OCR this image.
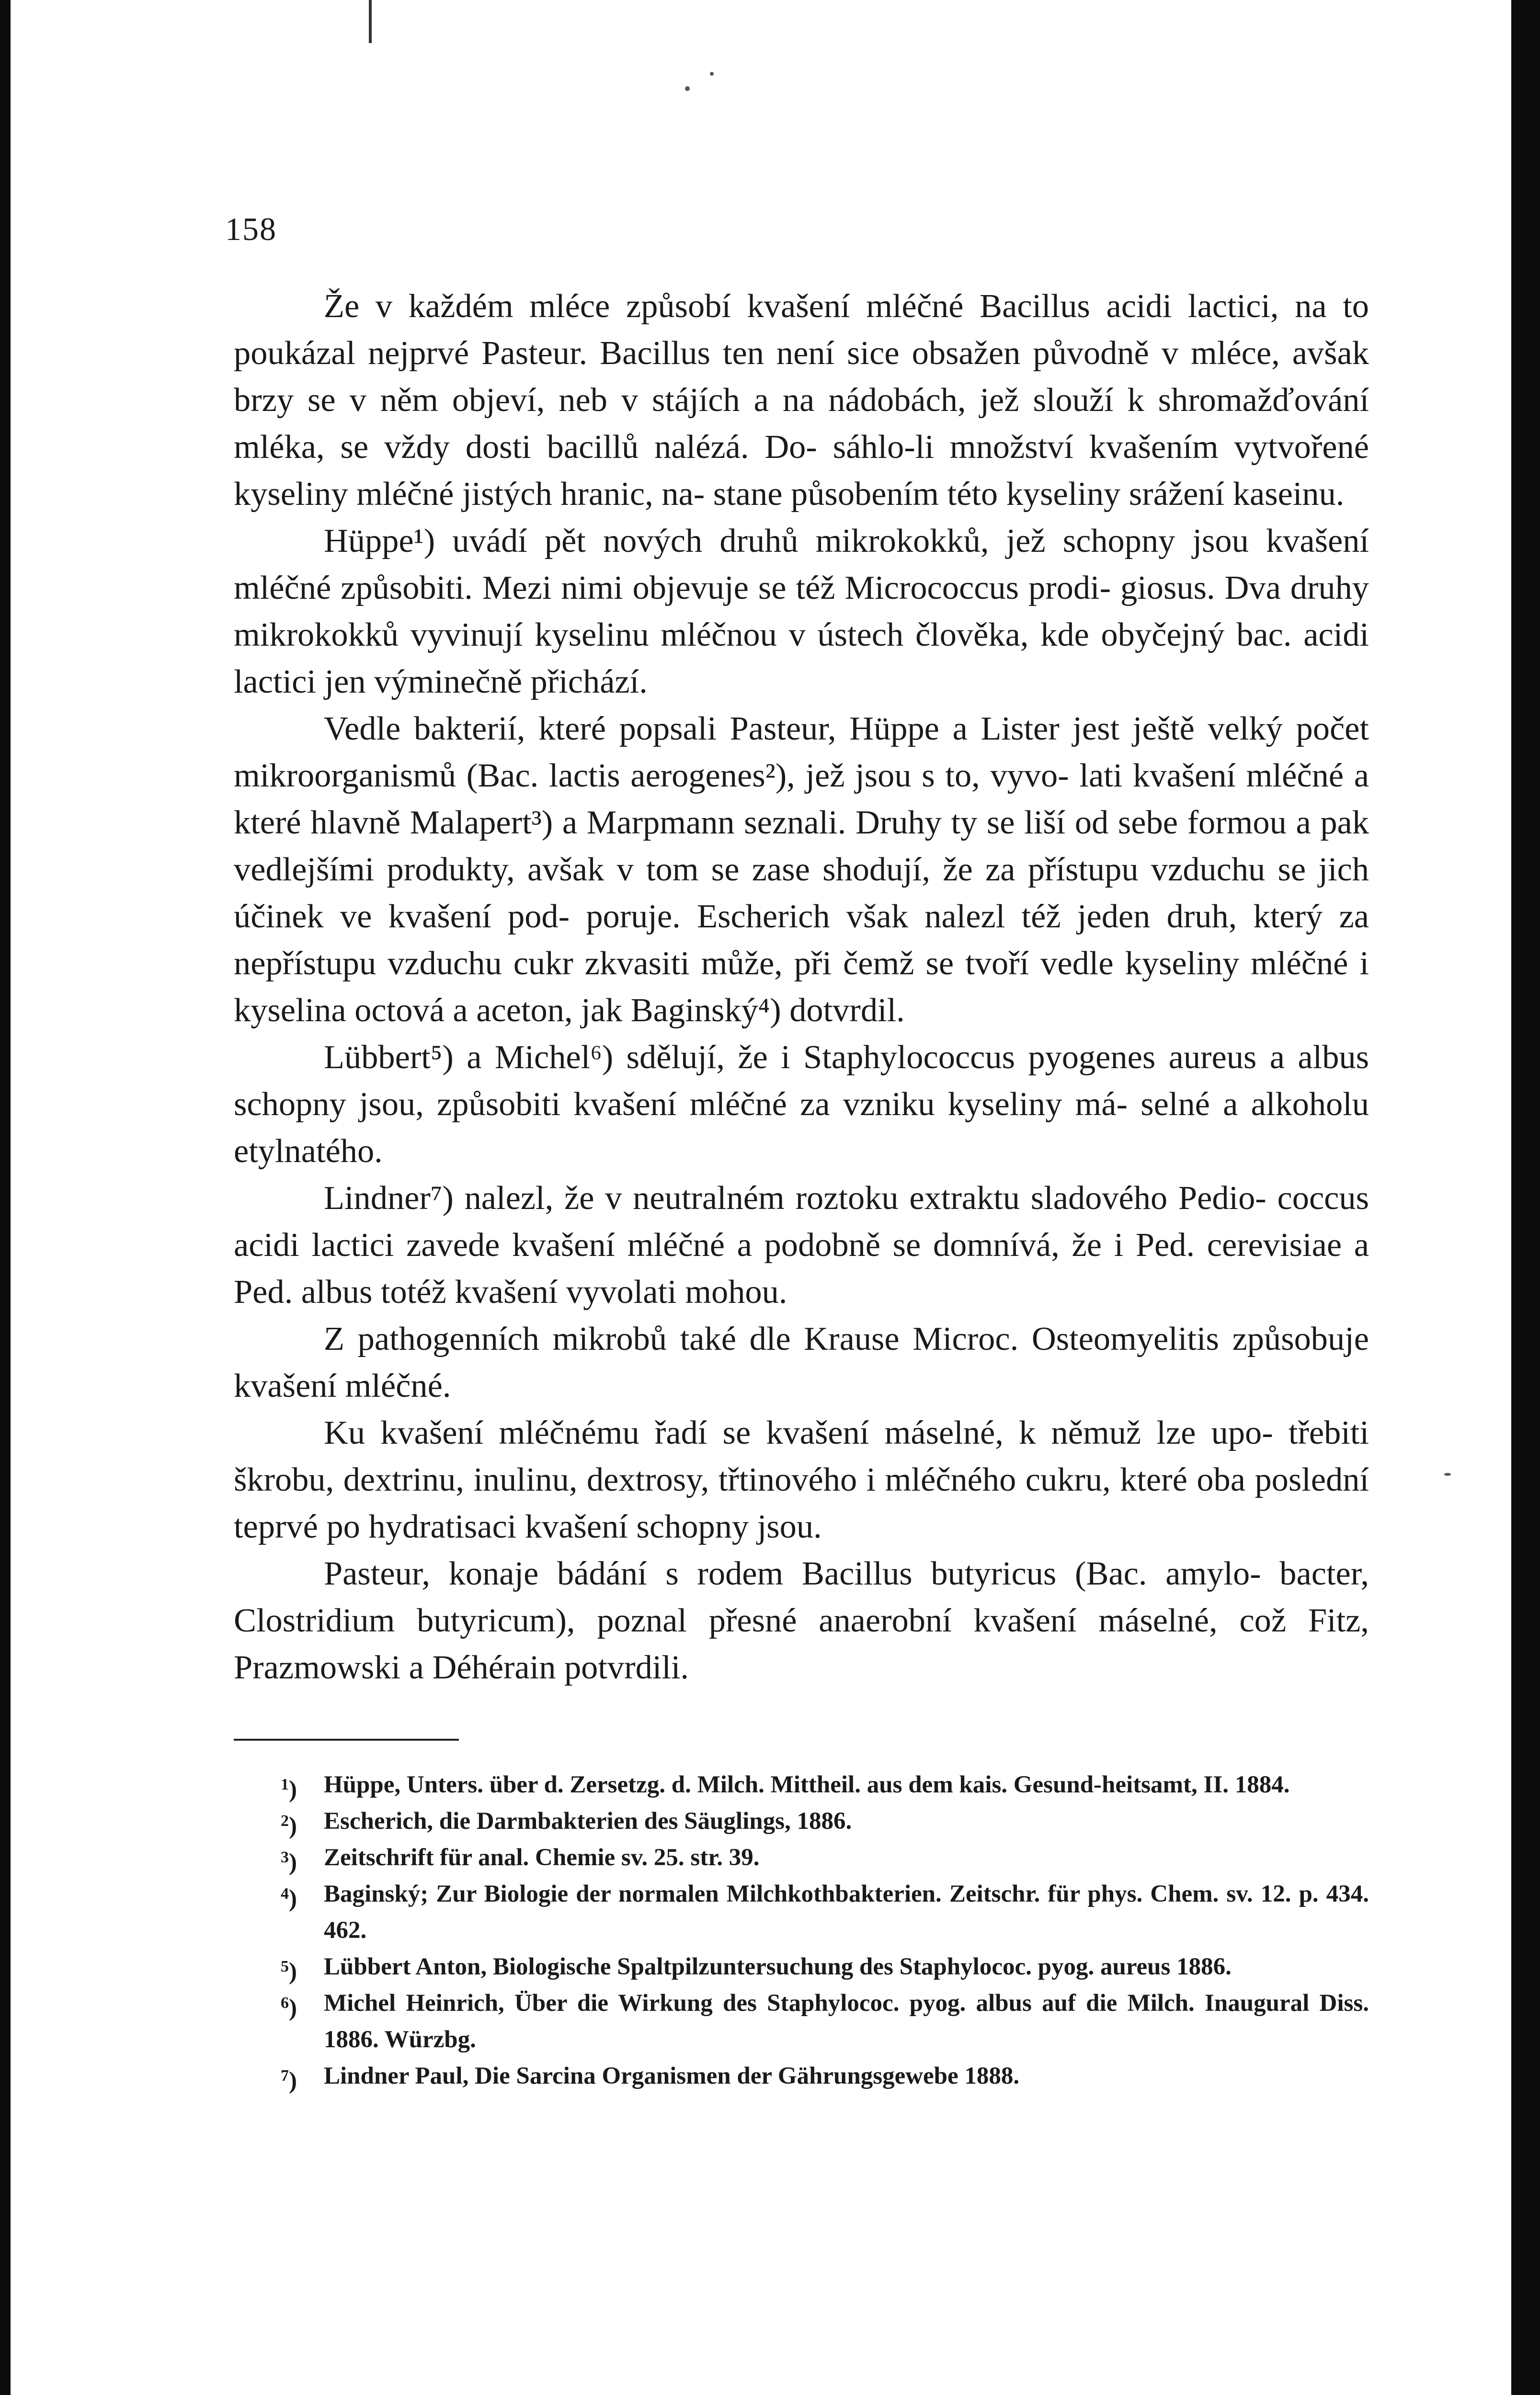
158

Že v každém mléce způsobí kvašení mléčné Bacillus acidi lactici, na to poukázal nejprvé Pasteur. Bacillus ten není sice obsažen původně v mléce, avšak brzy se v něm objeví, neb v stájích a na nádobách, jež slouží k shromažďování mléka, se vždy dosti bacillů nalézá. Do- sáhlo-li množství kvašením vytvořené kyseliny mléčné jistých hranic, na- stane působením této kyseliny srážení kaseinu.

Hüppe¹) uvádí pět nových druhů mikrokokků, jež schopny jsou kvašení mléčné způsobiti. Mezi nimi objevuje se též Micrococcus prodi- giosus. Dva druhy mikrokokků vyvinují kyselinu mléčnou v ústech člověka, kde obyčejný bac. acidi lactici jen výminečně přichází.

Vedle bakterií, které popsali Pasteur, Hüppe a Lister jest ještě velký počet mikroorganismů (Bac. lactis aerogenes²), jež jsou s to, vyvo- lati kvašení mléčné a které hlavně Malapert³) a Marpmann seznali. Druhy ty se liší od sebe formou a pak vedlejšími produkty, avšak v tom se zase shodují, že za přístupu vzduchu se jich účinek ve kvašení pod- poruje. Escherich však nalezl též jeden druh, který za nepřístupu vzduchu cukr zkvasiti může, při čemž se tvoří vedle kyseliny mléčné i kyselina octová a aceton, jak Baginský⁴) dotvrdil.

Lübbert⁵) a Michel⁶) sdělují, že i Staphylococcus pyogenes aureus a albus schopny jsou, způsobiti kvašení mléčné za vzniku kyseliny má- selné a alkoholu etylnatého.

Lindner⁷) nalezl, že v neutralném roztoku extraktu sladového Pedio- coccus acidi lactici zavede kvašení mléčné a podobně se domnívá, že i Ped. cerevisiae a Ped. albus totéž kvašení vyvolati mohou.

Z pathogenních mikrobů také dle Krause Microc. Osteomyelitis způsobuje kvašení mléčné.

Ku kvašení mléčnému řadí se kvašení máselné, k němuž lze upo- třebiti škrobu, dextrinu, inulinu, dextrosy, třtinového i mléčného cukru, které oba poslední teprvé po hydratisaci kvašení schopny jsou.

Pasteur, konaje bádání s rodem Bacillus butyricus (Bac. amylo- bacter, Clostridium butyricum), poznal přesné anaerobní kvašení máselné, což Fitz, Prazmowski a Déhérain potvrdili.

$^1$) Hüppe, Unters. über d. Zersetzg. d. Milch. Mittheil. aus dem kais. Gesund-heitsamt, II. 1884.
$^2$) Escherich, die Darmbakterien des Säuglings, 1886.
$^3$) Zeitschrift für anal. Chemie sv. 25. str. 39.
$^4$) Baginský; Zur Biologie der normalen Milchkothbakterien. Zeitschr. für phys. Chem. sv. 12. p. 434. 462.
$^5$) Lübbert Anton, Biologische Spaltpilzuntersuchung des Staphylococ. pyog. aureus 1886.
$^6$) Michel Heinrich, Über die Wirkung des Staphylococ. pyog. albus auf die Milch. Inaugural Diss. 1886. Würzbg.
$^7$) Lindner Paul, Die Sarcina Organismen der Gährungsgewebe 1888.
